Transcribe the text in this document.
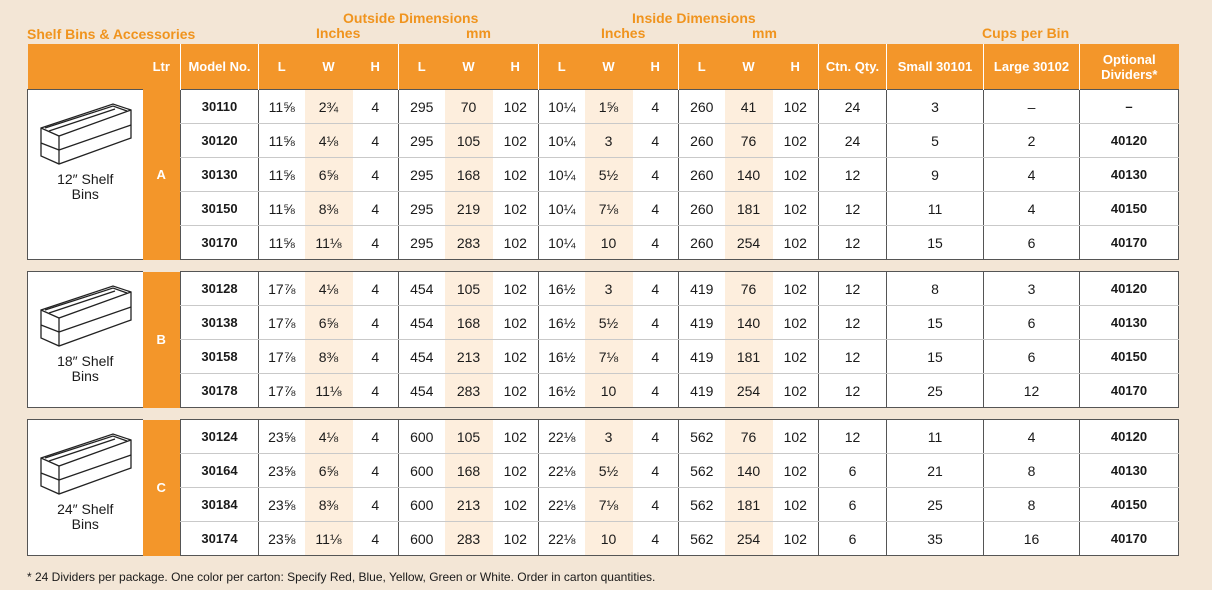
Shelf Bins & Accessories
Outside Dimensions
Inches	mm
Inside Dimensions
Inches	mm	Cups per Bin
	Ltr	Model No.	L	W	H	L	W	H	L	W	H	L	W	H	Ctn. Qty.	Small 30101	Large 30102	Optional
Dividers*

12″ Shelf
Bins	A	30110	11⅝	2¾	4	295	70	102	10¼	1⅝	4	260	41	102	24	3	–	–
		30120	11⅝	4⅛	4	295	105	102	10¼	3	4	260	76	102	24	5	2	40120
		30130	11⅝	6⅝	4	295	168	102	10¼	5½	4	260	140	102	12	9	4	40130
		30150	11⅝	8⅜	4	295	219	102	10¼	7⅛	4	260	181	102	12	11	4	40150
		30170	11⅝	11⅛	4	295	283	102	10¼	10	4	260	254	102	12	15	6	40170

18″ Shelf
Bins	B	30128	17⅞	4⅛	4	454	105	102	16½	3	4	419	76	102	12	8	3	40120
		30138	17⅞	6⅝	4	454	168	102	16½	5½	4	419	140	102	12	15	6	40130
		30158	17⅞	8⅜	4	454	213	102	16½	7⅛	4	419	181	102	12	15	6	40150
		30178	17⅞	11⅛	4	454	283	102	16½	10	4	419	254	102	12	25	12	40170

24″ Shelf
Bins	C	30124	23⅝	4⅛	4	600	105	102	22⅛	3	4	562	76	102	12	11	4	40120
		30164	23⅝	6⅝	4	600	168	102	22⅛	5½	4	562	140	102	6	21	8	40130
		30184	23⅝	8⅜	4	600	213	102	22⅛	7⅛	4	562	181	102	6	25	8	40150
		30174	23⅝	11⅛	4	600	283	102	22⅛	10	4	562	254	102	6	35	16	40170
* 24 Dividers per package. One color per carton: Specify Red, Blue, Yellow, Green or White. Order in carton quantities.
